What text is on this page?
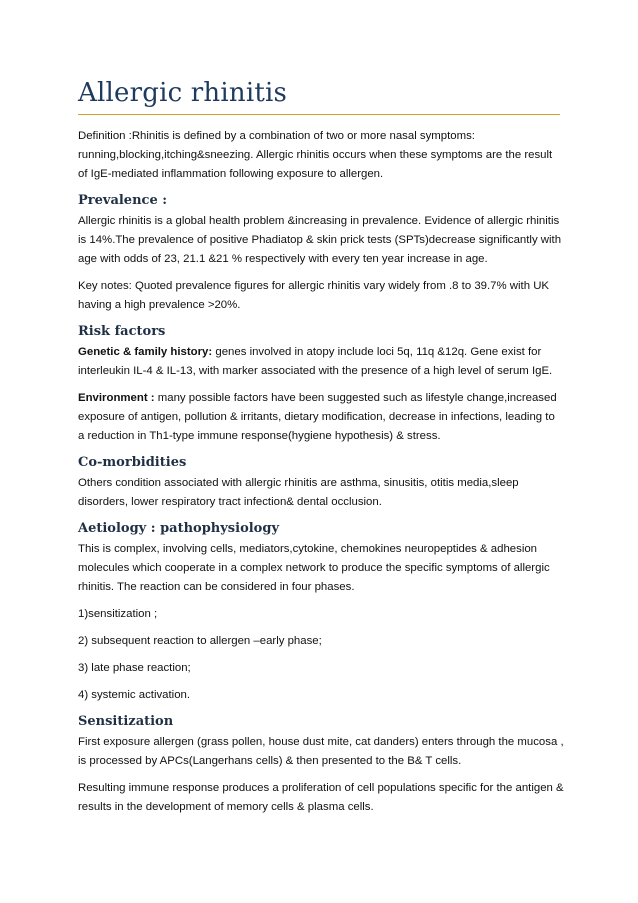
Allergic rhinitis

Definition :Rhinitis is defined by a combination of two or more nasal symptoms: running,blocking,itching&sneezing. Allergic rhinitis occurs when these symptoms are the result of IgE-mediated inflammation following exposure to allergen.

Prevalence :

Allergic rhinitis is a global health problem &increasing in prevalence. Evidence of allergic rhinitis is 14%.The prevalence of positive Phadiatop & skin prick tests (SPTs)decrease significantly with age with odds of 23, 21.1 &21 % respectively with every ten year increase in age.

Key notes: Quoted prevalence figures for allergic rhinitis vary widely from .8 to 39.7% with UK having a high prevalence >20%.

Risk factors

Genetic & family history: genes involved in atopy include loci 5q, 11q &12q. Gene exist for interleukin IL-4 & IL-13, with marker associated with the presence of a high level of serum IgE.

Environment : many possible factors have been suggested such as lifestyle change,increased exposure of antigen, pollution & irritants, dietary modification, decrease in infections, leading to a reduction in Th1-type immune response(hygiene hypothesis) & stress.

Co-morbidities

Others condition associated with allergic rhinitis are asthma, sinusitis, otitis media,sleep disorders, lower respiratory tract infection& dental occlusion.

Aetiology : pathophysiology

This is complex, involving cells, mediators,cytokine, chemokines neuropeptides & adhesion molecules which cooperate in a complex network to produce the specific symptoms of allergic rhinitis. The reaction can be considered in four phases.

1)sensitization ;

2) subsequent reaction to allergen –early phase;

3) late phase reaction;

4) systemic activation.

Sensitization

First exposure allergen (grass pollen, house dust mite, cat danders) enters through the mucosa , is processed by APCs(Langerhans cells) & then presented to the B& T cells.

Resulting immune response produces a proliferation of cell populations specific for the antigen & results in the development of memory cells & plasma cells.
